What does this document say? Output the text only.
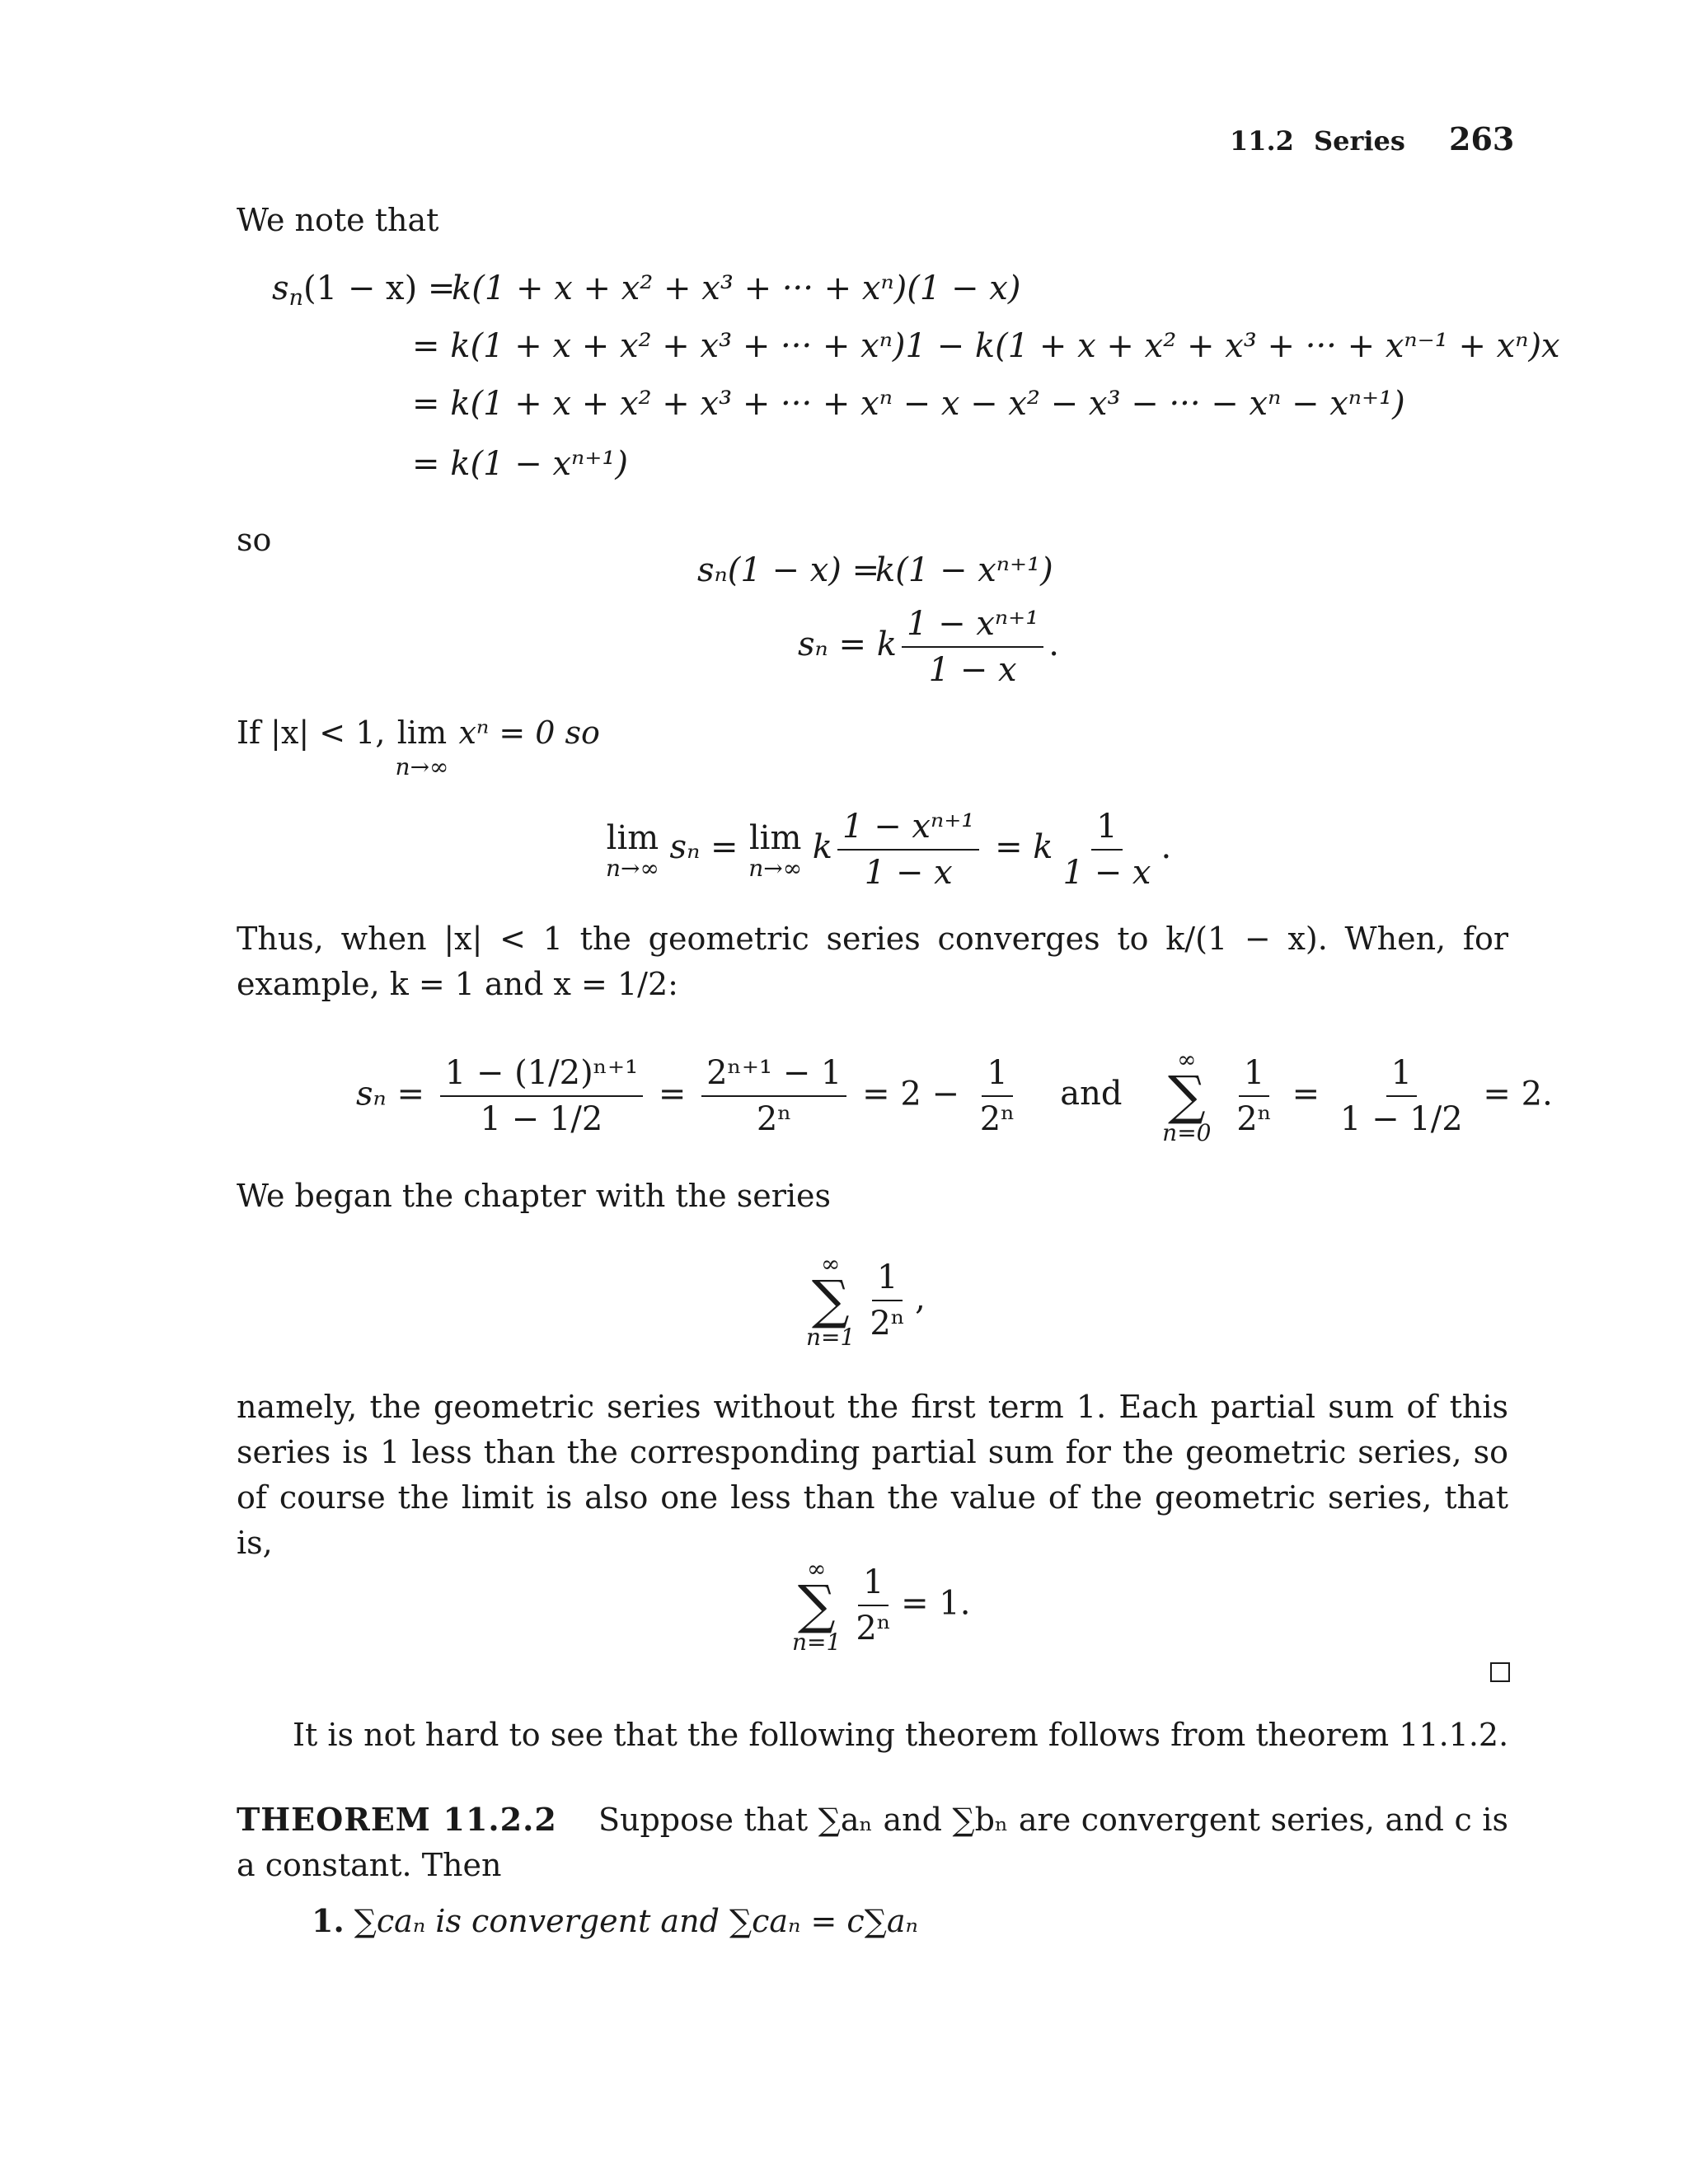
11.2 Series 263
We note that
$s_n(1 - x)$ =
k(1 + x + x² + x³ + ··· + xⁿ)(1 − x)
= k(1 + x + x² + x³ + ··· + xⁿ)1 − k(1 + x + x² + x³ + ··· + xⁿ⁻¹ + xⁿ)x
= k(1 + x + x² + x³ + ··· + xⁿ − x − x² − x³ − ··· − xⁿ − xⁿ⁺¹)
= k(1 − xⁿ⁺¹)
so
sₙ(1 − x) =
k(1 − xⁿ⁺¹)
sₙ = k $\frac{\text{1 − xⁿ⁺¹}}{1 - x}$ .
If |x| < 1, lim
n→∞
xⁿ = 0 so
lim
n→∞
sₙ = lim
n→∞
k $\frac{\text{1 − xⁿ⁺¹}}{1 - x} = k \frac{1}{1 - x}$ .
Thus, when |x| < 1 the geometric series converges to k/(1 − x). When, for example, k = 1 and x = 1/2:
$s_n = \frac{\text{1 − (1/2)ⁿ⁺¹}}{1 - 1/2} = \frac{\text{2ⁿ⁺¹ − 1}}{\text{2ⁿ}} = 2 - \frac{1}{\text{2ⁿ}}$ and
∞
∑
n=0
$\frac{1}{\text{2ⁿ}} = \frac{1}{1 - 1/2} = 2$.
We began the chapter with the series
∞
∑
$n=1 \frac{1}{\text{2ⁿ}}$ ,
namely, the geometric series without the first term 1. Each partial sum of this series is 1 less than the corresponding partial sum for the geometric series, so of course the limit is also one less than the value of the geometric series, that is,
∞
∑
$n=1 \frac{1}{\text{2ⁿ}} = 1$.
It is not hard to see that the following theorem follows from theorem 11.1.2.
THEOREM 11.2.2 Suppose that ∑aₙ and ∑bₙ are convergent series, and c is a constant. Then
1. ∑caₙ is convergent and ∑caₙ = c∑aₙ
